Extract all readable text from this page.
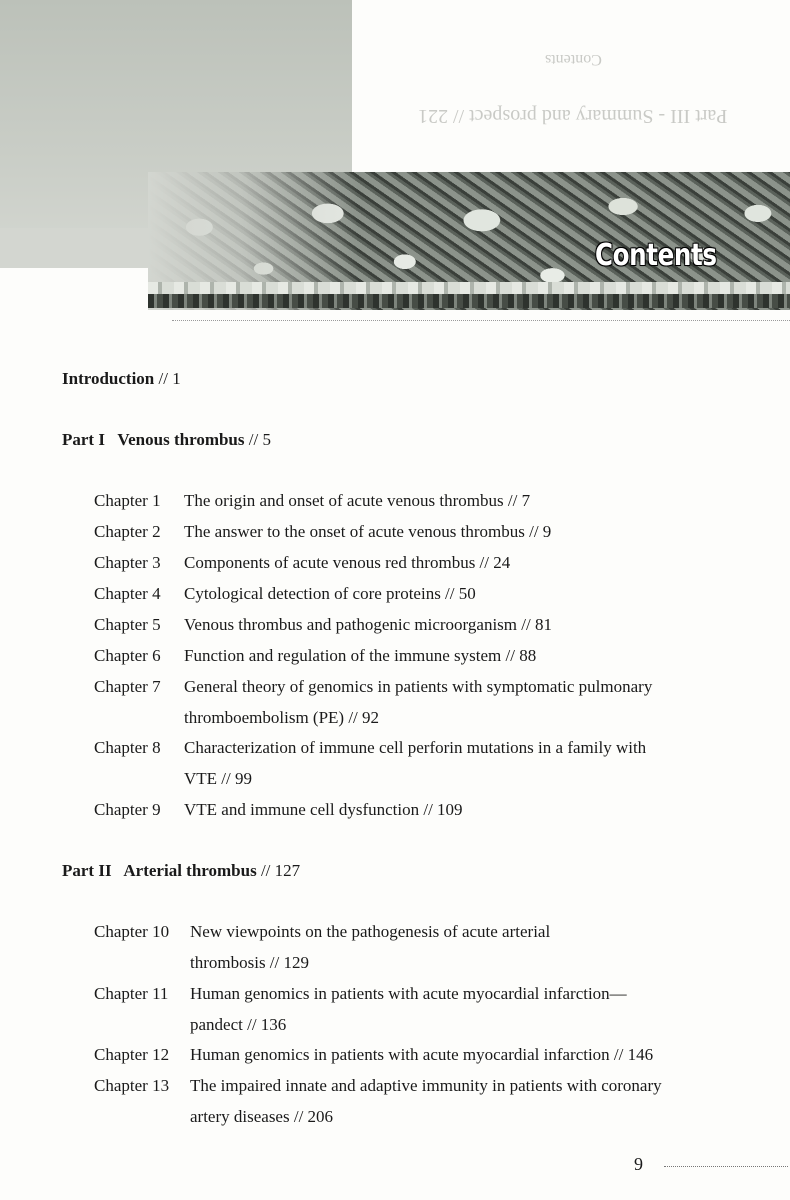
Contents
Part III - Summary and prospect // 221
Contents
Introduction // 1
Part I Venous thrombus // 5
Chapter 1 The origin and onset of acute venous thrombus // 7
Chapter 2 The answer to the onset of acute venous thrombus // 9
Chapter 3 Components of acute venous red thrombus // 24
Chapter 4 Cytological detection of core proteins // 50
Chapter 5 Venous thrombus and pathogenic microorganism // 81
Chapter 6 Function and regulation of the immune system // 88
Chapter 7 General theory of genomics in patients with symptomatic pulmonary
thromboembolism (PE) // 92
Chapter 8 Characterization of immune cell perforin mutations in a family with
VTE // 99
Chapter 9 VTE and immune cell dysfunction // 109
Part II Arterial thrombus // 127
Chapter 10 New viewpoints on the pathogenesis of acute arterial
thrombosis // 129
Chapter 11 Human genomics in patients with acute myocardial infarction—
pandect // 136
Chapter 12 Human genomics in patients with acute myocardial infarction // 146
Chapter 13 The impaired innate and adaptive immunity in patients with coronary
artery diseases // 206
9
